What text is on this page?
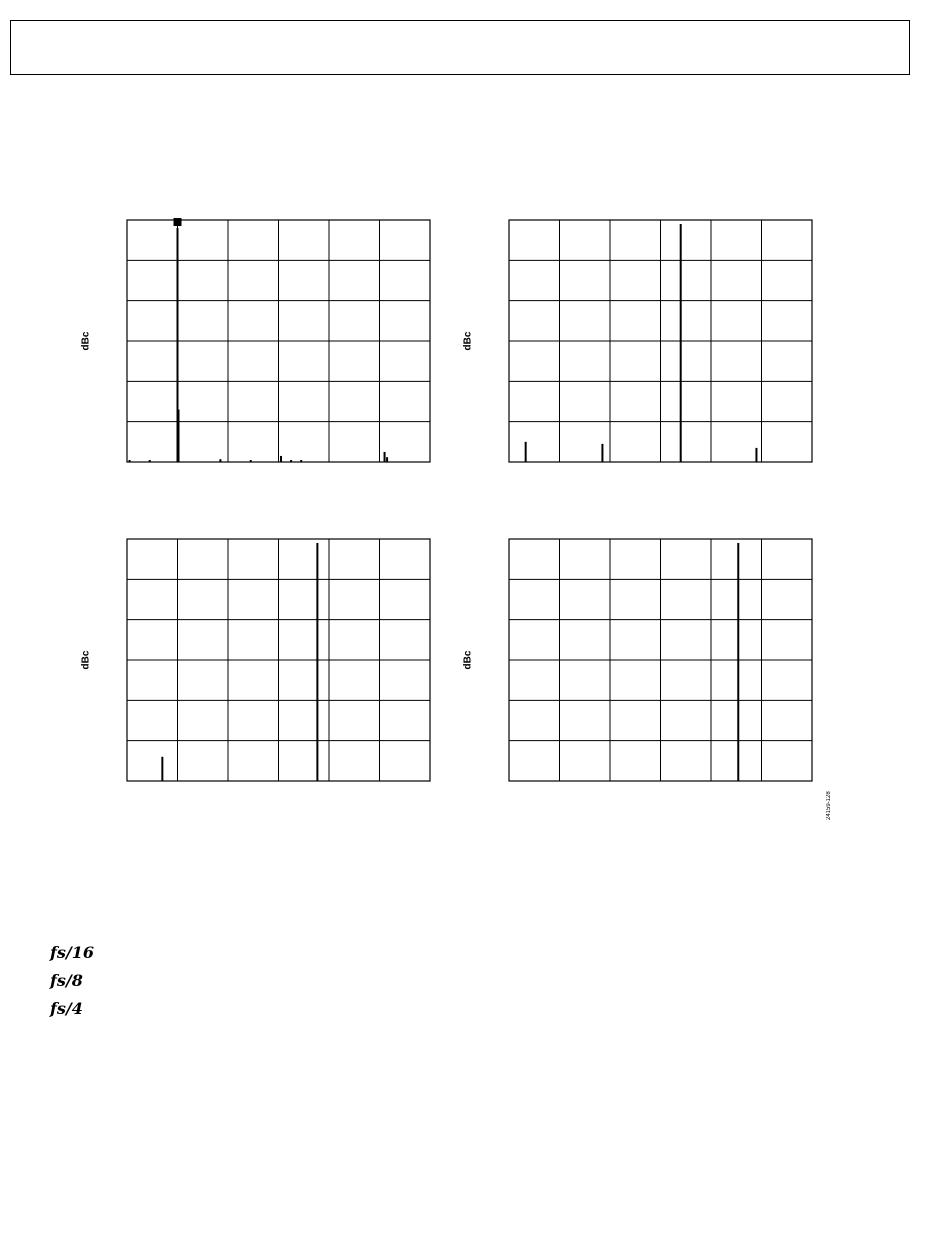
dBc	dBc
dBc	dBc
24159-128
fs/16
fs/8
fs/4
